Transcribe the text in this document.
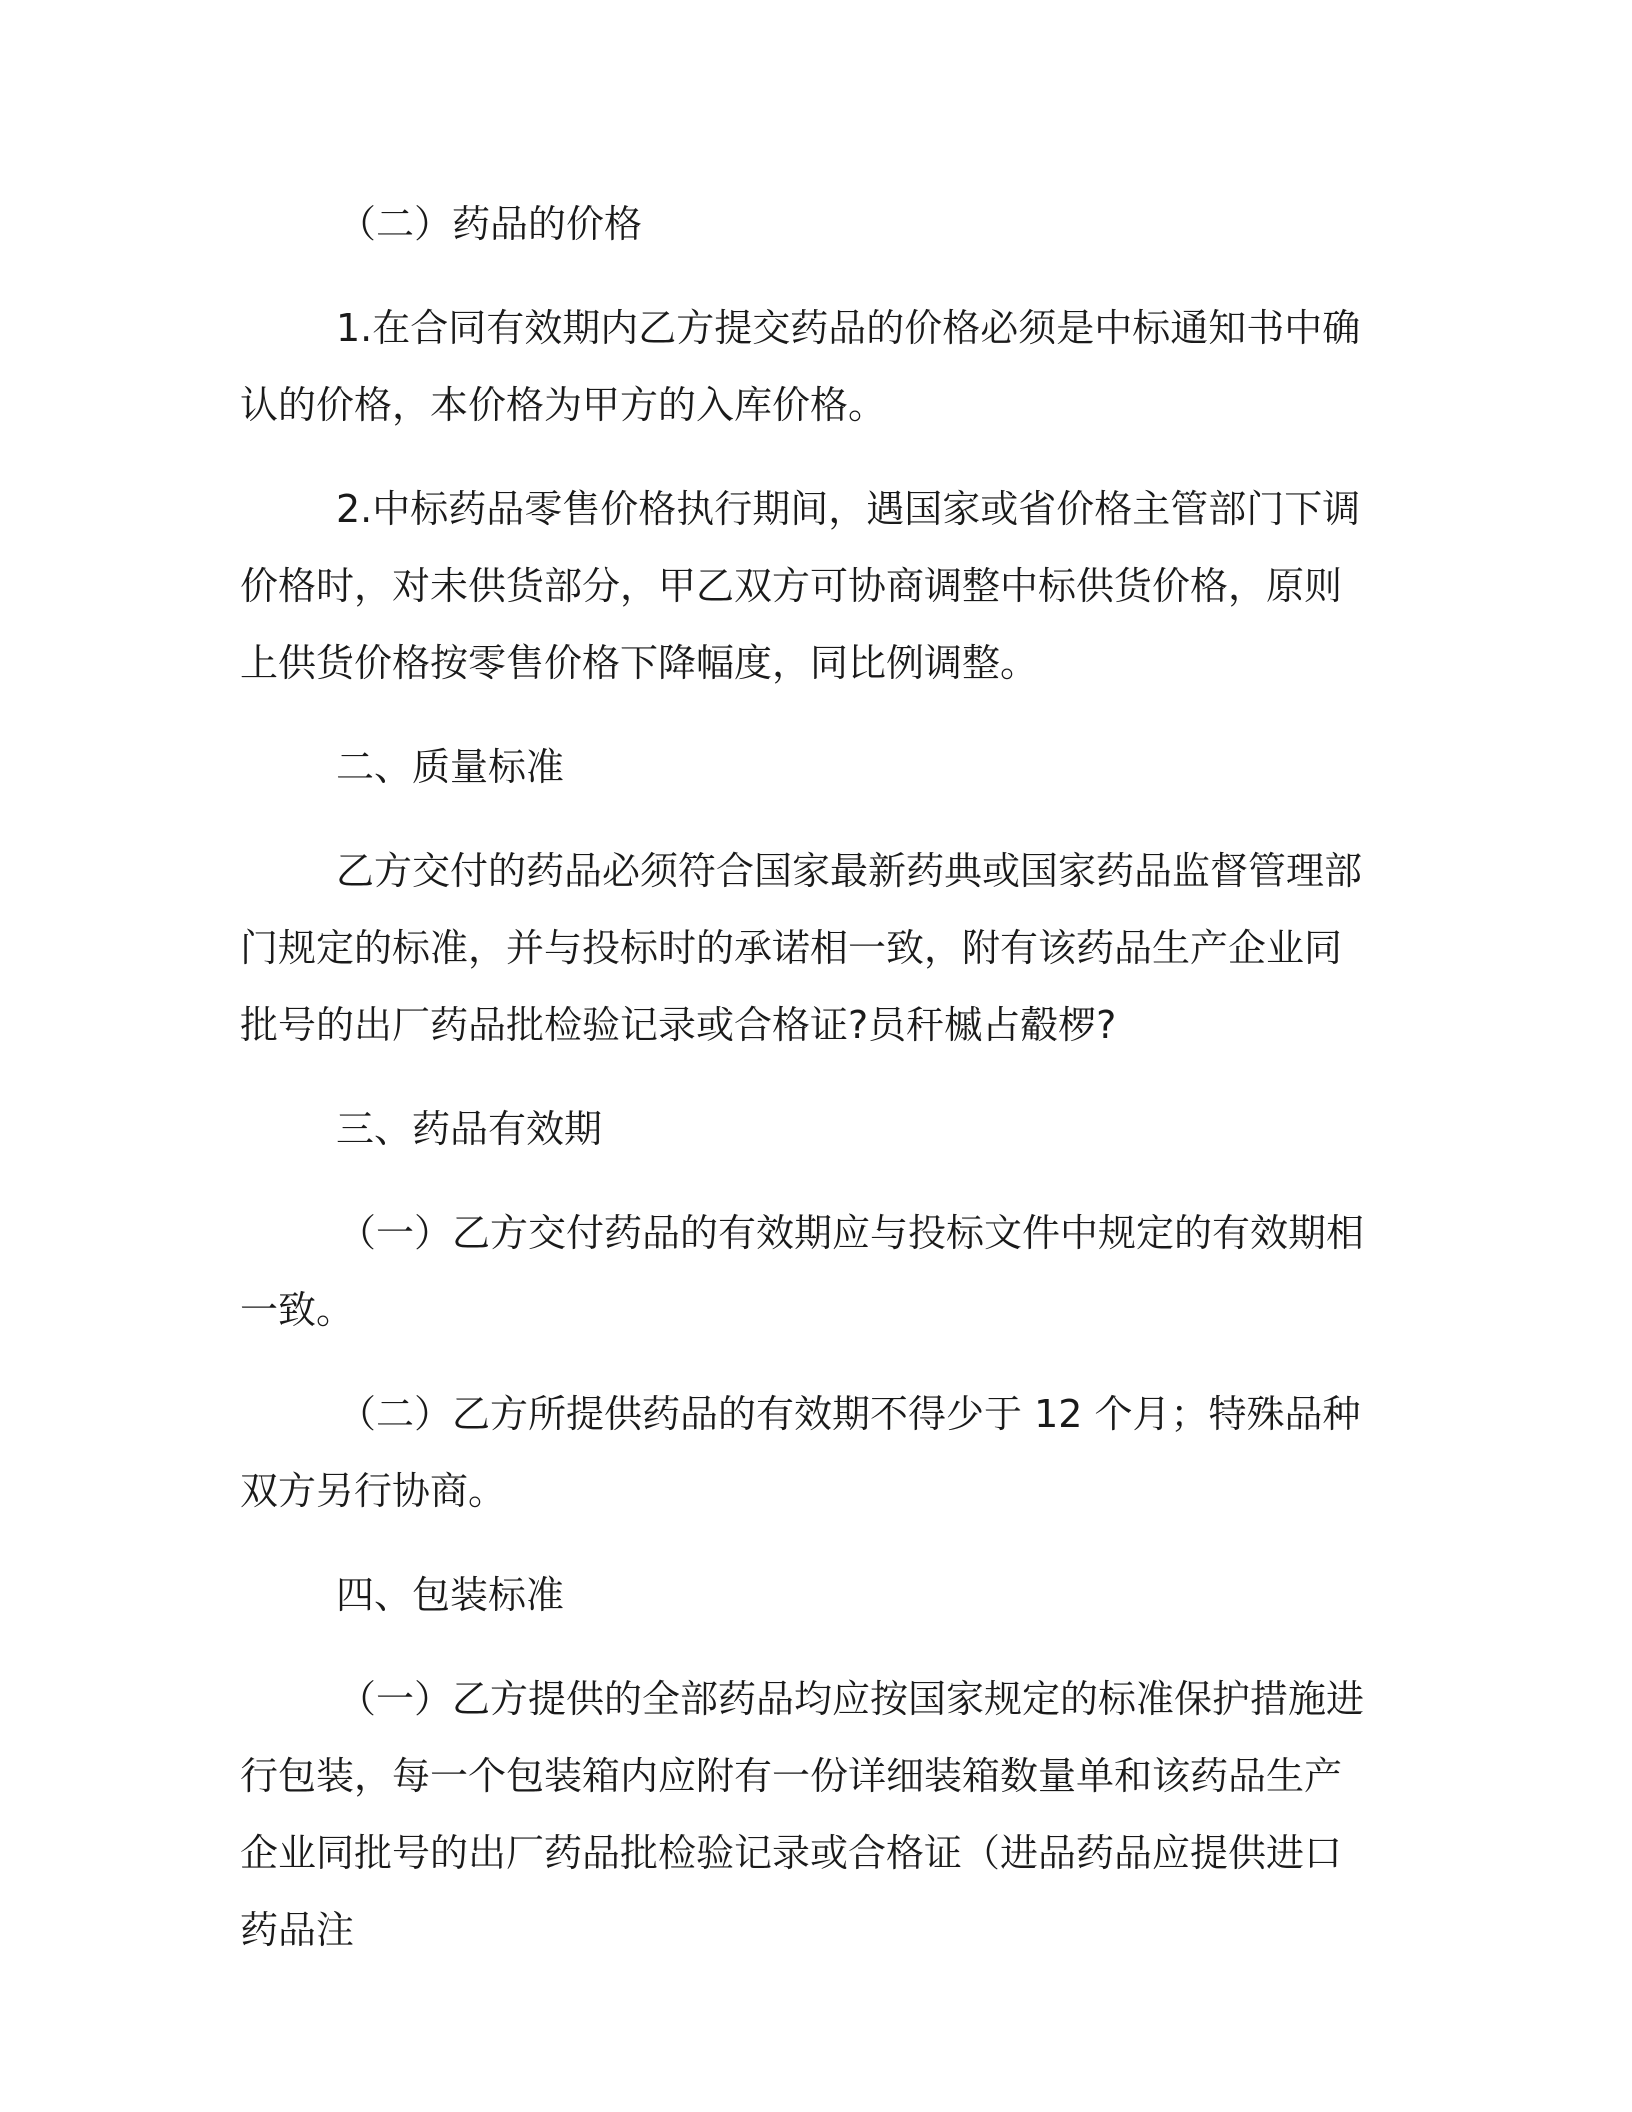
（二）药品的价格

1.在合同有效期内乙方提交药品的价格必须是中标通知书中确认的价格，本价格为甲方的入库价格。

2.中标药品零售价格执行期间，遇国家或省价格主管部门下调价格时，对未供货部分，甲乙双方可协商调整中标供货价格，原则上供货价格按零售价格下降幅度，同比例调整。

二、质量标准

乙方交付的药品必须符合国家最新药典或国家药品监督管理部门规定的标准，并与投标时的承诺相一致，附有该药品生产企业同批号的出厂药品批检验记录或合格证?员秆槭占觳椤?

三、药品有效期

（一）乙方交付药品的有效期应与投标文件中规定的有效期相一致。

（二）乙方所提供药品的有效期不得少于 12 个月；特殊品种双方另行协商。

四、包装标准

（一）乙方提供的全部药品均应按国家规定的标准保护措施进行包装，每一个包装箱内应附有一份详细装箱数量单和该药品生产企业同批号的出厂药品批检验记录或合格证（进品药品应提供进口药品注
